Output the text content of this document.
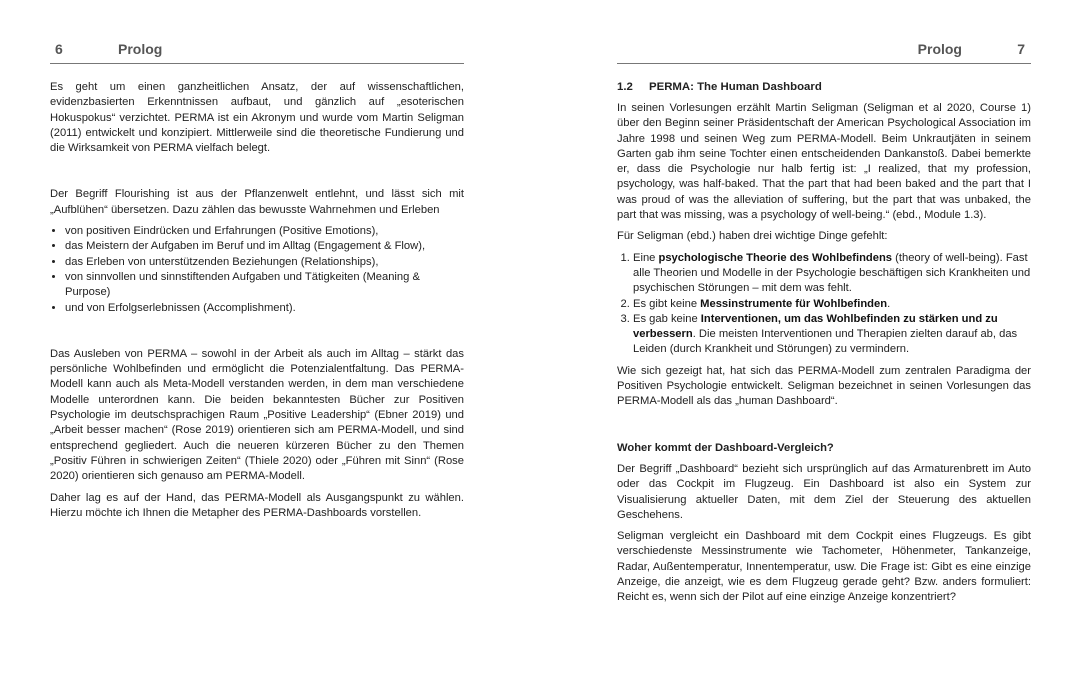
6	Prolog

Es geht um einen ganzheitlichen Ansatz, der auf wissenschaftlichen, evidenzbasierten Erkenntnissen aufbaut, und gänzlich auf „esoterischen Hokuspokus“ verzichtet. PERMA ist ein Akronym und wurde vom Martin Seligman (2011) entwickelt und konzipiert. Mittlerweile sind die theoretische Fundierung und die Wirksamkeit von PERMA vielfach belegt.

Der Begriff Flourishing ist aus der Pflanzenwelt entlehnt, und lässt sich mit „Aufblühen“ übersetzen. Dazu zählen das bewusste Wahrnehmen und Erleben

• von positiven Eindrücken und Erfahrungen (Positive Emotions),
• das Meistern der Aufgaben im Beruf und im Alltag (Engagement & Flow),
• das Erleben von unterstützenden Beziehungen (Relationships),
• von sinnvollen und sinnstiftenden Aufgaben und Tätigkeiten (Meaning & Purpose)
• und von Erfolgserlebnissen (Accomplishment).

Das Ausleben von PERMA – sowohl in der Arbeit als auch im Alltag – stärkt das persönliche Wohlbefinden und ermöglicht die Potenzialentfaltung. Das PERMA-Modell kann auch als Meta-Modell verstanden werden, in dem man verschiedene Modelle unterordnen kann. Die beiden bekanntesten Bücher zur Positiven Psychologie im deutschsprachigen Raum „Positive Leadership“ (Ebner 2019) und „Arbeit besser machen“ (Rose 2019) orientieren sich am PERMA-Modell, und sind entsprechend gegliedert. Auch die neueren kürzeren Bücher zu den Themen „Positiv Führen in schwierigen Zeiten“ (Thiele 2020) oder „Führen mit Sinn“ (Rose 2020) orientieren sich genauso am PERMA-Modell.

Daher lag es auf der Hand, das PERMA-Modell als Ausgangspunkt zu wählen. Hierzu möchte ich Ihnen die Metapher des PERMA-Dashboards vorstellen.

Prolog	7
1.2 PERMA: The Human Dashboard

In seinen Vorlesungen erzählt Martin Seligman (Seligman et al 2020, Course 1) über den Beginn seiner Präsidentschaft der American Psychological Association im Jahre 1998 und seinen Weg zum PERMA-Modell. Beim Unkrautjäten in seinem Garten gab ihm seine Tochter einen entscheidenden Dankanstoß. Dabei bemerkte er, dass die Psychologie nur halb fertig ist: „I realized, that my profession, psychology, was half-baked. That the part that had been baked and the part that I was proud of was the alleviation of suffering, but the part that was unbaked, the part that was missing, was a psychology of well-being.“ (ebd., Module 1.3).

Für Seligman (ebd.) haben drei wichtige Dinge gefehlt:

1. Eine psychologische Theorie des Wohlbefindens (theory of well-being). Fast alle Theorien und Modelle in der Psychologie beschäftigen sich Krankheiten und psychischen Störungen – mit dem was fehlt.
2. Es gibt keine Messinstrumente für Wohlbefinden.
3. Es gab keine Interventionen, um das Wohlbefinden zu stärken und zu verbessern. Die meisten Interventionen und Therapien zielten darauf ab, das Leiden (durch Krankheit und Störungen) zu vermindern.

Wie sich gezeigt hat, hat sich das PERMA-Modell zum zentralen Paradigma der Positiven Psychologie entwickelt. Seligman bezeichnet in seinen Vorlesungen das PERMA-Modell als das „human Dashboard“.

Woher kommt der Dashboard-Vergleich?

Der Begriff „Dashboard“ bezieht sich ursprünglich auf das Armaturenbrett im Auto oder das Cockpit im Flugzeug. Ein Dashboard ist also ein System zur Visualisierung aktueller Daten, mit dem Ziel der Steuerung des aktuellen Geschehens.

Seligman vergleicht ein Dashboard mit dem Cockpit eines Flugzeugs. Es gibt verschiedenste Messinstrumente wie Tachometer, Höhenmeter, Tankanzeige, Radar, Außentemperatur, Innentemperatur, usw. Die Frage ist: Gibt es eine einzige Anzeige, die anzeigt, wie es dem Flugzeug gerade geht? Bzw. anders formuliert: Reicht es, wenn sich der Pilot auf eine einzige Anzeige konzentriert?
